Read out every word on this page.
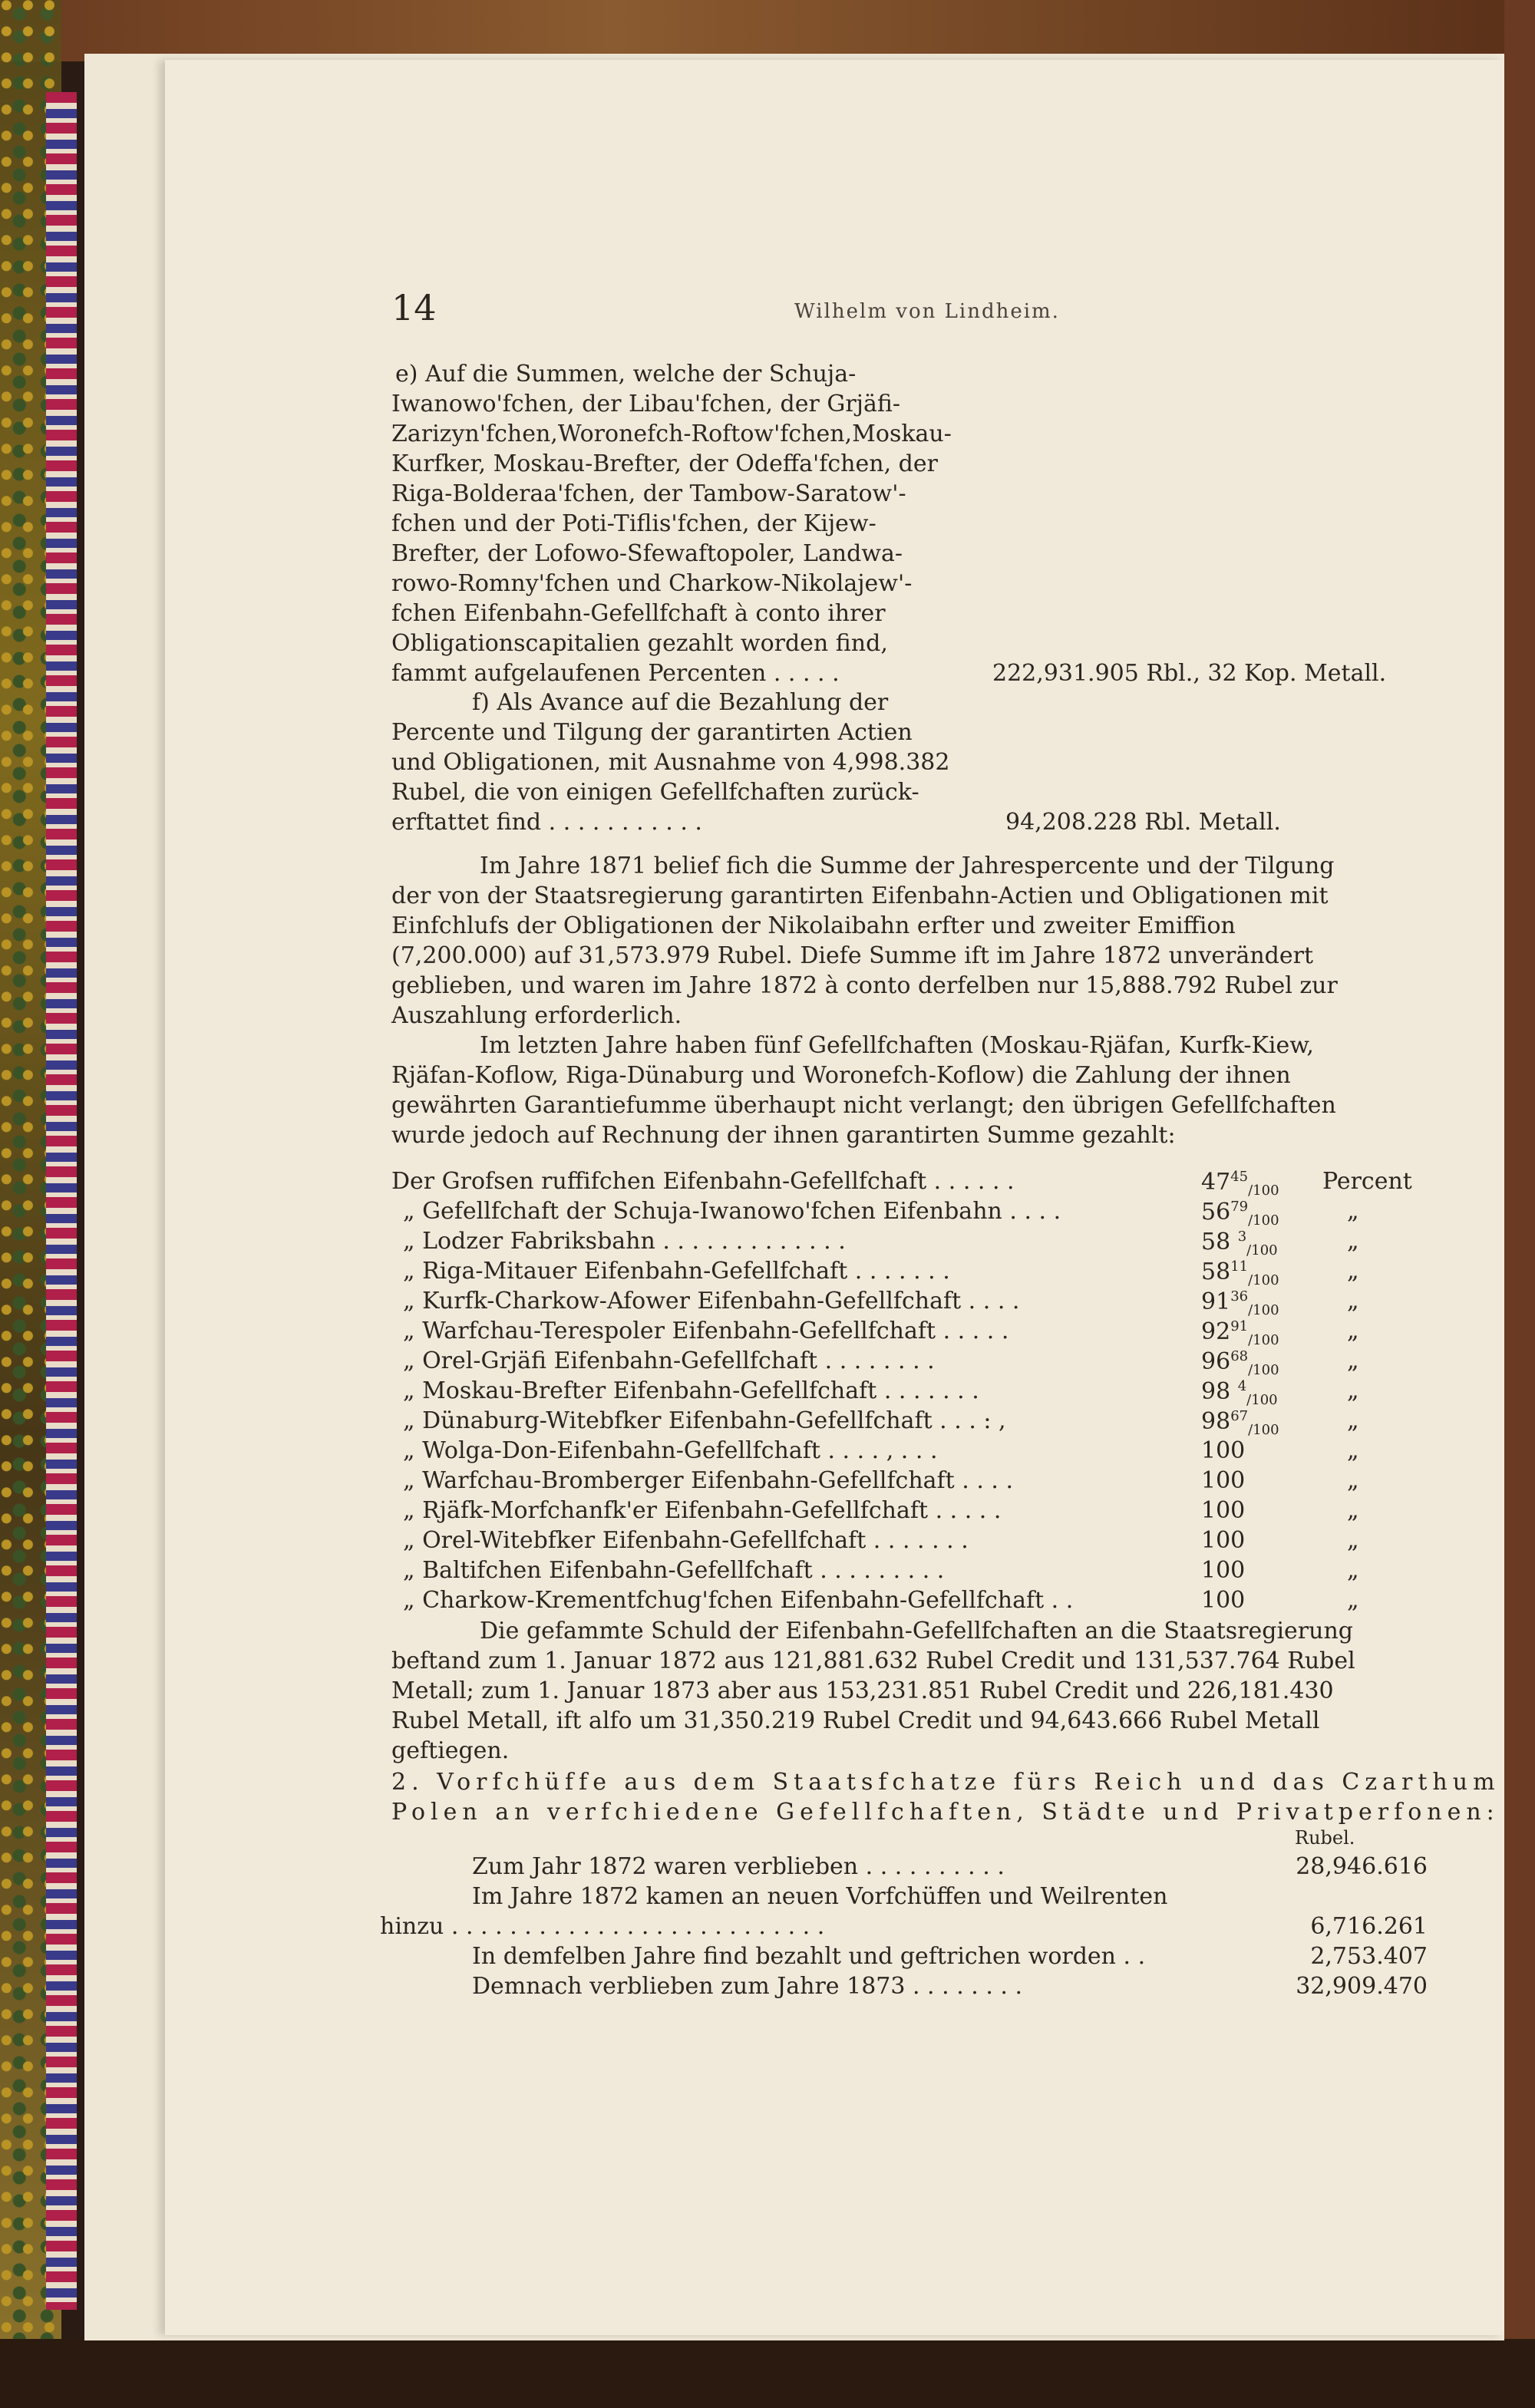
14	Wilhelm von Lindheim.
e) Auf die Summen, welche der Schuja-
Iwanowo'fchen, der Libau'fchen, der Grjäfi-
Zarizyn'fchen,Woronefch-Roftow'fchen,Moskau-
Kurfker, Moskau-Brefter, der Odeffa'fchen, der
Riga-Bolderaa'fchen, der Tambow-Saratow'-
fchen und der Poti-Tiflis'fchen, der Kijew-
Brefter, der Lofowo-Sfewaftopoler, Landwa-
rowo-Romny'fchen und Charkow-Nikolajew'-
fchen Eifenbahn-Gefellfchaft à conto ihrer
Obligationscapitalien gezahlt worden find,
fammt aufgelaufenen Percenten . . . . .	222,931.905 Rbl., 32 Kop. Metall.
f) Als Avance auf die Bezahlung der
Percente und Tilgung der garantirten Actien
und Obligationen, mit Ausnahme von 4,998.382
Rubel, die von einigen Gefellfchaften zurück-
erftattet find . . . . . . . . . . .	94,208.228 Rbl. Metall.
Im Jahre 1871 belief fich die Summe der Jahrespercente und der Tilgung
der von der Staatsregierung garantirten Eifenbahn-Actien und Obligationen mit
Einfchlufs der Obligationen der Nikolaibahn erfter und zweiter Emiffion
(7,200.000) auf 31,573.979 Rubel. Diefe Summe ift im Jahre 1872 unverändert
geblieben, und waren im Jahre 1872 à conto derfelben nur 15,888.792 Rubel zur
Auszahlung erforderlich.
Im letzten Jahre haben fünf Gefellfchaften (Moskau-Rjäfan, Kurfk-Kiew,
Rjäfan-Koflow, Riga-Dünaburg und Woronefch-Koflow) die Zahlung der ihnen
gewährten Garantiefumme überhaupt nicht verlangt; den übrigen Gefellfchaften
wurde jedoch auf Rechnung der ihnen garantirten Summe gezahlt:
Der Grofsen ruffifchen Eifenbahn-Gefellfchaft . . . . . .	$47^{45}_{/100}$ Percent
„ Gefellfchaft der Schuja-Iwanowo'fchen Eifenbahn . . . .	$56^{79}_{/100}$	„
„ Lodzer Fabriksbahn . . . . . . . . . . . . .	58 $^3_{/100}$	„
„ Riga-Mitauer Eifenbahn-Gefellfchaft . . . . . . .	$58^{11}_{/100}$	„
„ Kurfk-Charkow-Afower Eifenbahn-Gefellfchaft . . . .	$91^{36}_{/100}$	„
„ Warfchau-Terespoler Eifenbahn-Gefellfchaft . . . . .	$92^{91}_{/100}$	„
„ Orel-Grjäfi Eifenbahn-Gefellfchaft . . . . . . . .	$96^{68}_{/100}$	„
„ Moskau-Brefter Eifenbahn-Gefellfchaft . . . . . . .	98 $^4_{/100}$	„
„ Dünaburg-Witebfker Eifenbahn-Gefellfchaft . . . : ,	$98^{67}_{/100}$	„
„ Wolga-Don-Eifenbahn-Gefellfchaft . . . . , . . .	100	„
„ Warfchau-Bromberger Eifenbahn-Gefellfchaft . . . .	100	„
„ Rjäfk-Morfchanfk'er Eifenbahn-Gefellfchaft . . . . .	100	„
„ Orel-Witebfker Eifenbahn-Gefellfchaft . . . . . . .	100	„
„ Baltifchen Eifenbahn-Gefellfchaft . . . . . . . . .	100	„
„ Charkow-Krementfchug'fchen Eifenbahn-Gefellfchaft . .	100	„
Die gefammte Schuld der Eifenbahn-Gefellfchaften an die Staatsregierung
beftand zum 1. Januar 1872 aus 121,881.632 Rubel Credit und 131,537.764 Rubel
Metall; zum 1. Januar 1873 aber aus 153,231.851 Rubel Credit und 226,181.430
Rubel Metall, ift alfo um 31,350.219 Rubel Credit und 94,643.666 Rubel Metall
geftiegen.
2. Vorfchüffe aus dem Staatsfchatze fürs Reich und das Czarthum
Polen an verfchiedene Gefellfchaften, Städte und Privatperfonen:
Rubel.
Zum Jahr 1872 waren verblieben . . . . . . . . . .	28,946.616
Im Jahre 1872 kamen an neuen Vorfchüffen und Weilrenten
hinzu . . . . . . . . . . . . . . . . . . . . . . . . . .	6,716.261
In demfelben Jahre find bezahlt und geftrichen worden . .	2,753.407
Demnach verblieben zum Jahre 1873 . . . . . . . .	32,909.470
